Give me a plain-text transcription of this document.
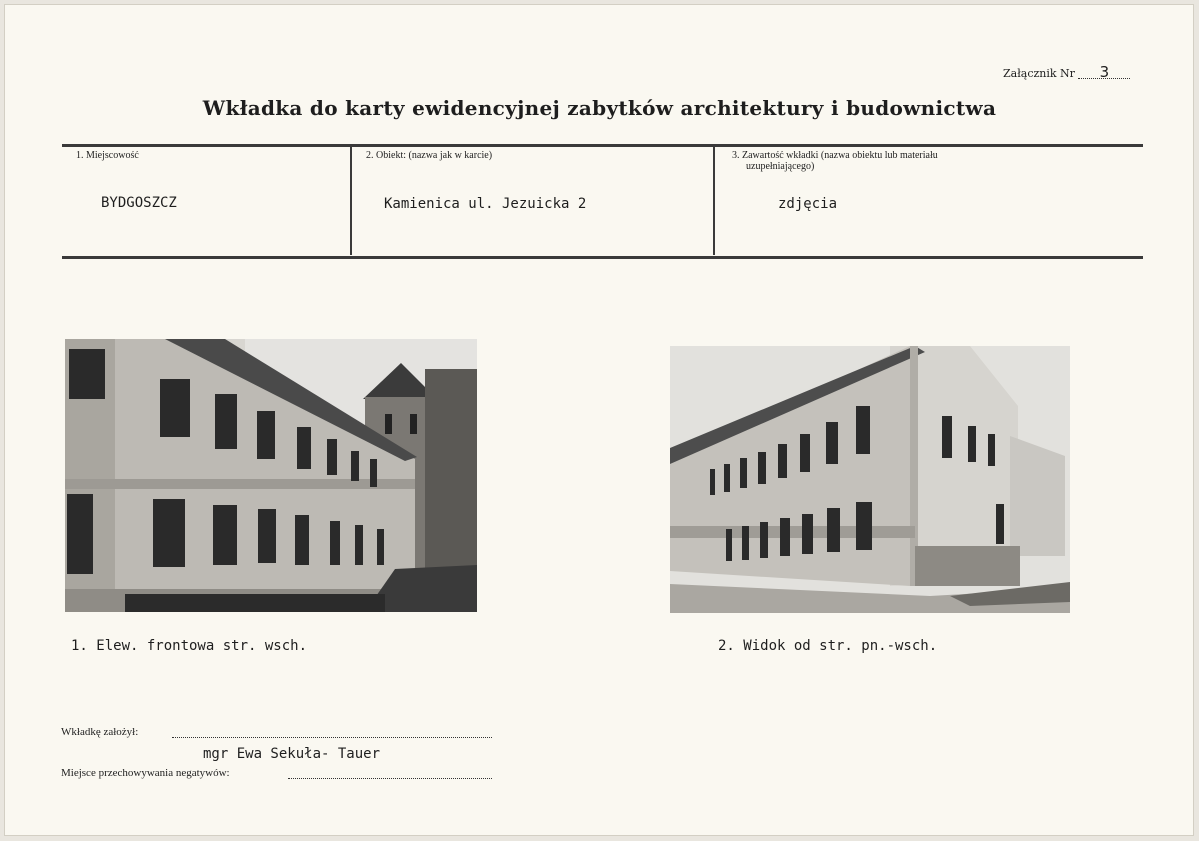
Załącznik Nr 3
Wkładka do karty ewidencyjnej zabytków architektury i budownictwa
1. Miejscowość
BYDGOSZCZ
2. Obiekt: (nazwa jak w karcie)
Kamienica ul. Jezuicka 2
3. Zawartość wkładki (nazwa obiektu lub materiału
uzupełniającego)
zdjęcia
1. Elew. frontowa str. wsch.	2. Widok od str. pn.-wsch.
Wkładkę założył:
mgr Ewa Sekuła- Tauer
Miejsce przechowywania negatywów:
